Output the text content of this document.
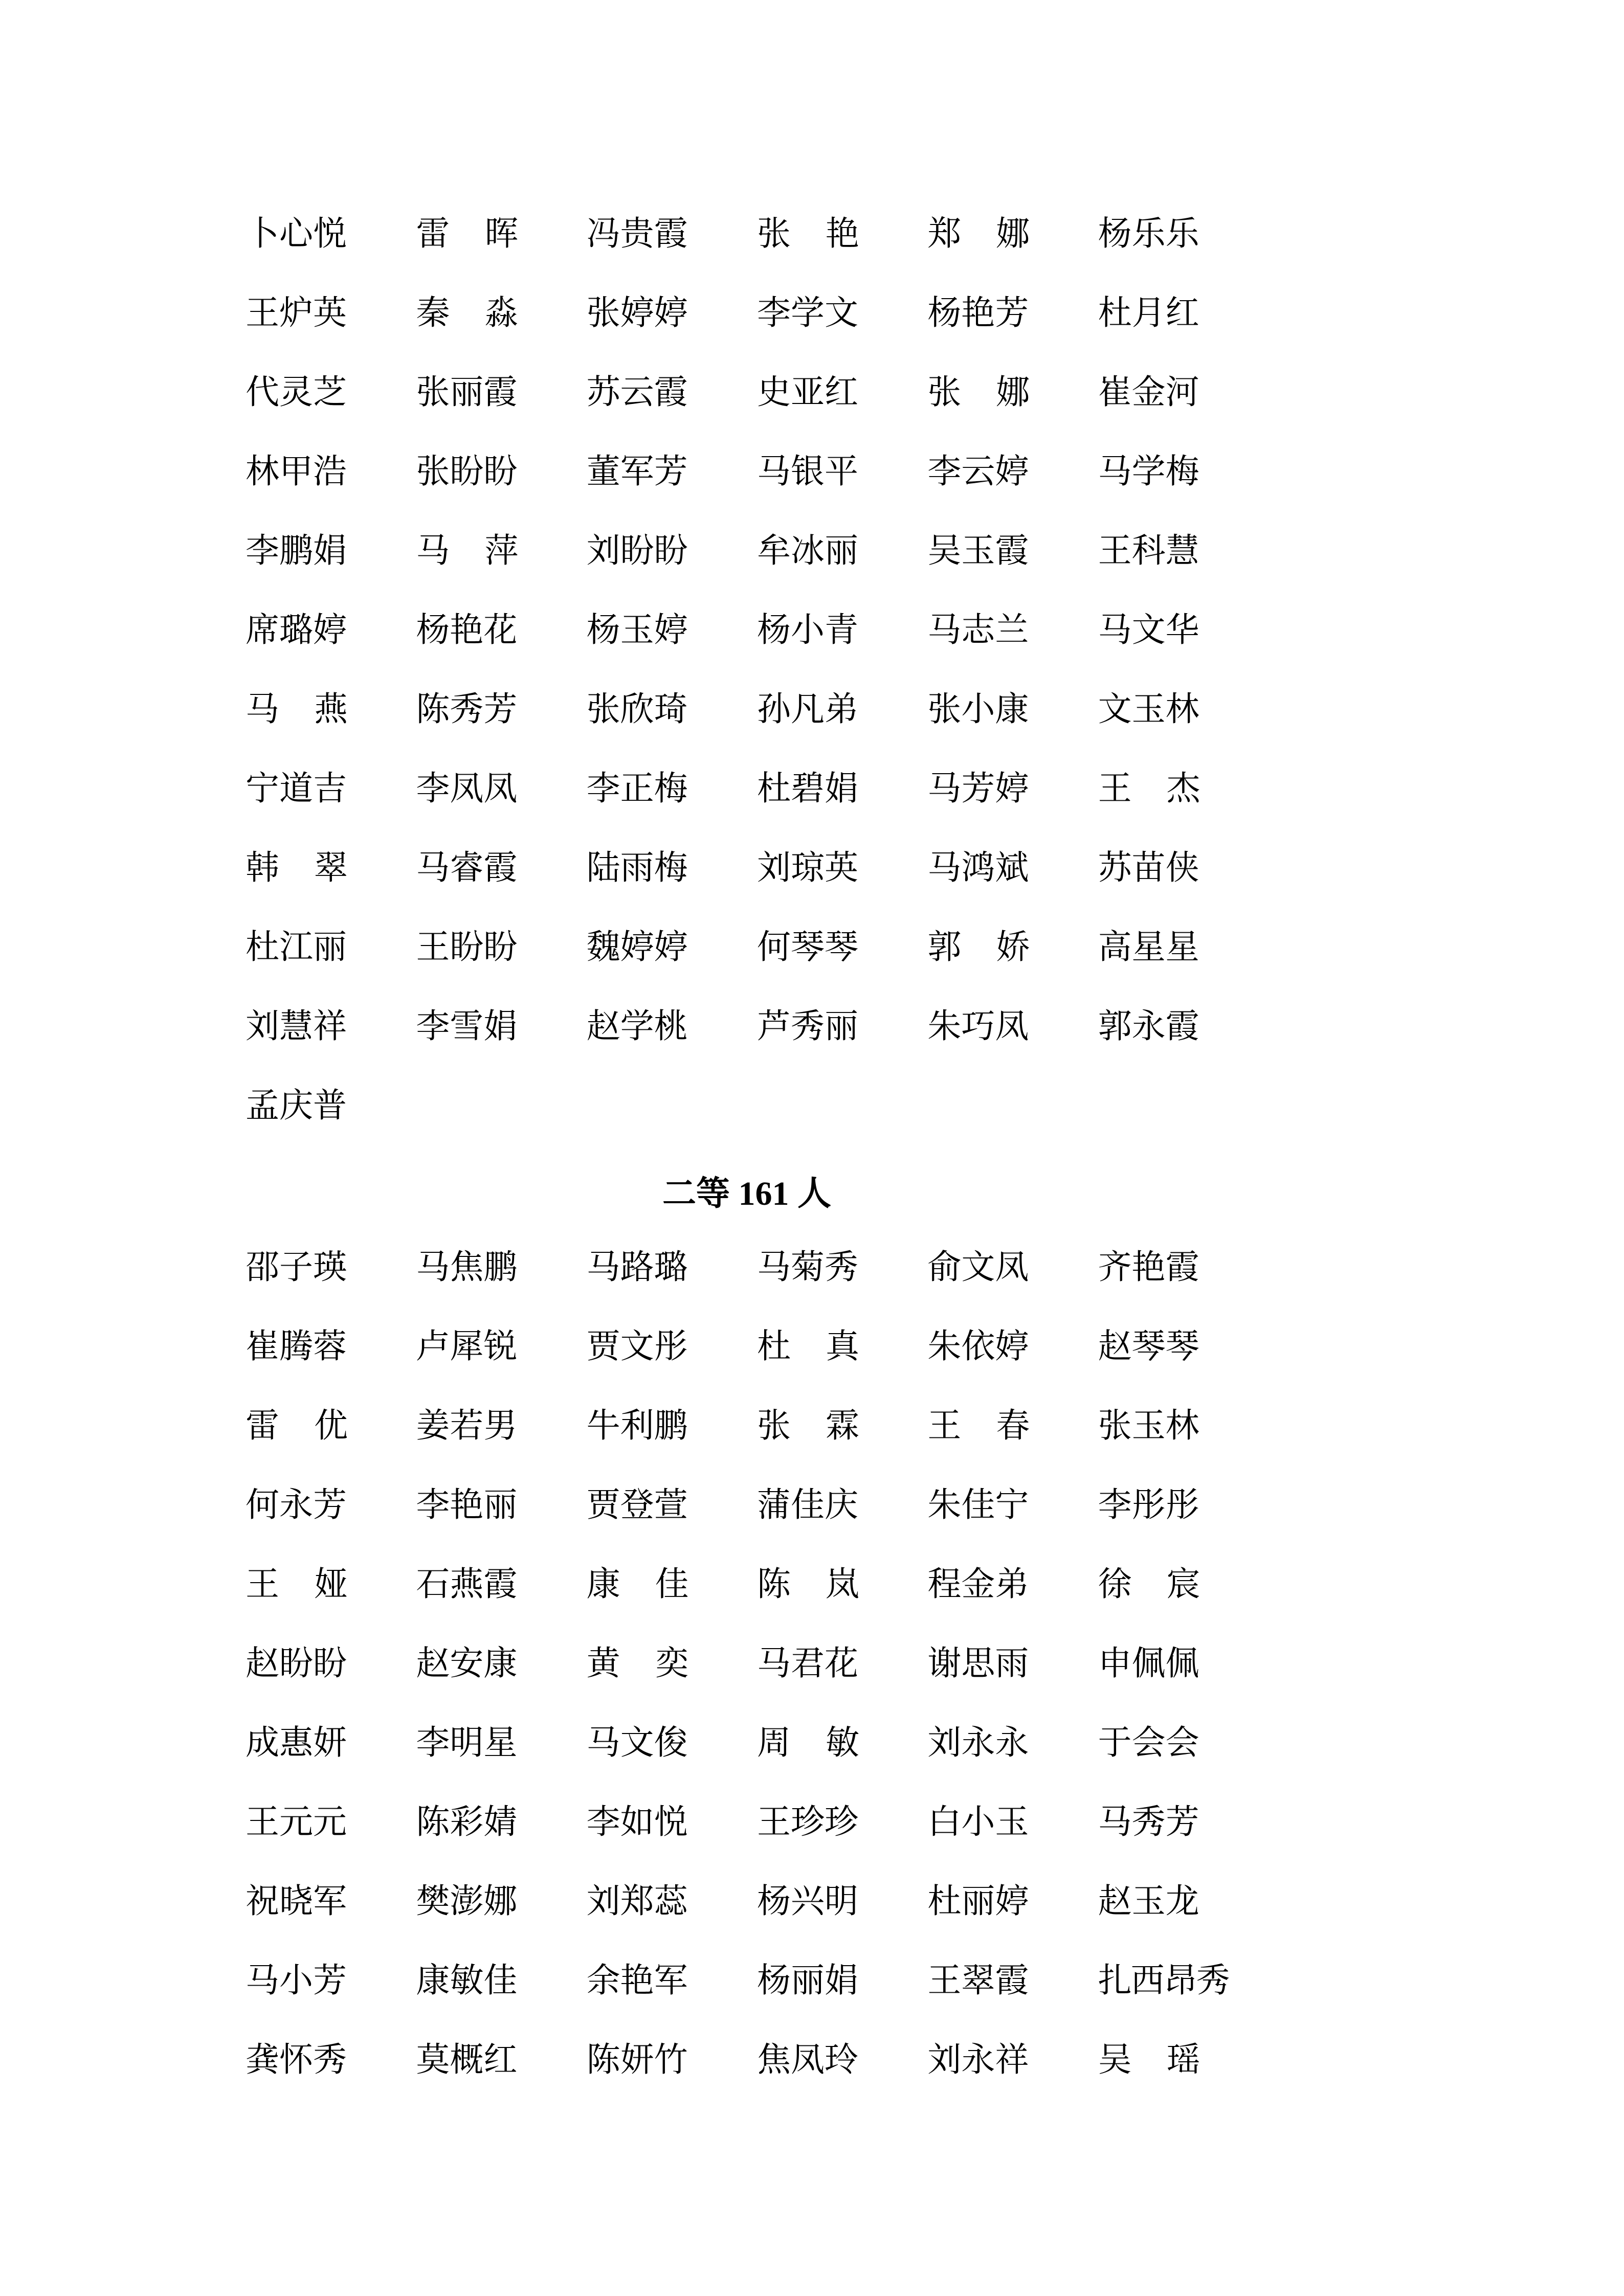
卜心悦	雷晖	冯贵霞	张艳	郑娜	杨乐乐
王炉英	秦淼	张婷婷	李学文	杨艳芳	杜月红
代灵芝	张丽霞	苏云霞	史亚红	张娜	崔金河
林甲浩	张盼盼	董军芳	马银平	李云婷	马学梅
李鹏娟	马萍	刘盼盼	牟冰丽	吴玉霞	王科慧
席璐婷	杨艳花	杨玉婷	杨小青	马志兰	马文华
马燕	陈秀芳	张欣琦	孙凡弟	张小康	文玉林
宁道吉	李凤凤	李正梅	杜碧娟	马芳婷	王杰
韩翠	马睿霞	陆雨梅	刘琼英	马鸿斌	苏苗侠
杜江丽	王盼盼	魏婷婷	何琴琴	郭娇	高星星
刘慧祥	李雪娟	赵学桃	芦秀丽	朱巧凤	郭永霞
孟庆普
二等 161 人
邵子瑛	马焦鹏	马路璐	马菊秀	俞文凤	齐艳霞
崔腾蓉	卢犀锐	贾文彤	杜真	朱依婷	赵琴琴
雷优	姜若男	牛利鹏	张霖	王春	张玉林
何永芳	李艳丽	贾登萱	蒲佳庆	朱佳宁	李彤彤
王娅	石燕霞	康佳	陈岚	程金弟	徐宸
赵盼盼	赵安康	黄奕	马君花	谢思雨	申佩佩
成惠妍	李明星	马文俊	周敏	刘永永	于会会
王元元	陈彩婧	李如悦	王珍珍	白小玉	马秀芳
祝晓军	樊澎娜	刘郑蕊	杨兴明	杜丽婷	赵玉龙
马小芳	康敏佳	余艳军	杨丽娟	王翠霞	扎西昂秀
龚怀秀	莫概红	陈妍竹	焦凤玲	刘永祥	吴瑶
